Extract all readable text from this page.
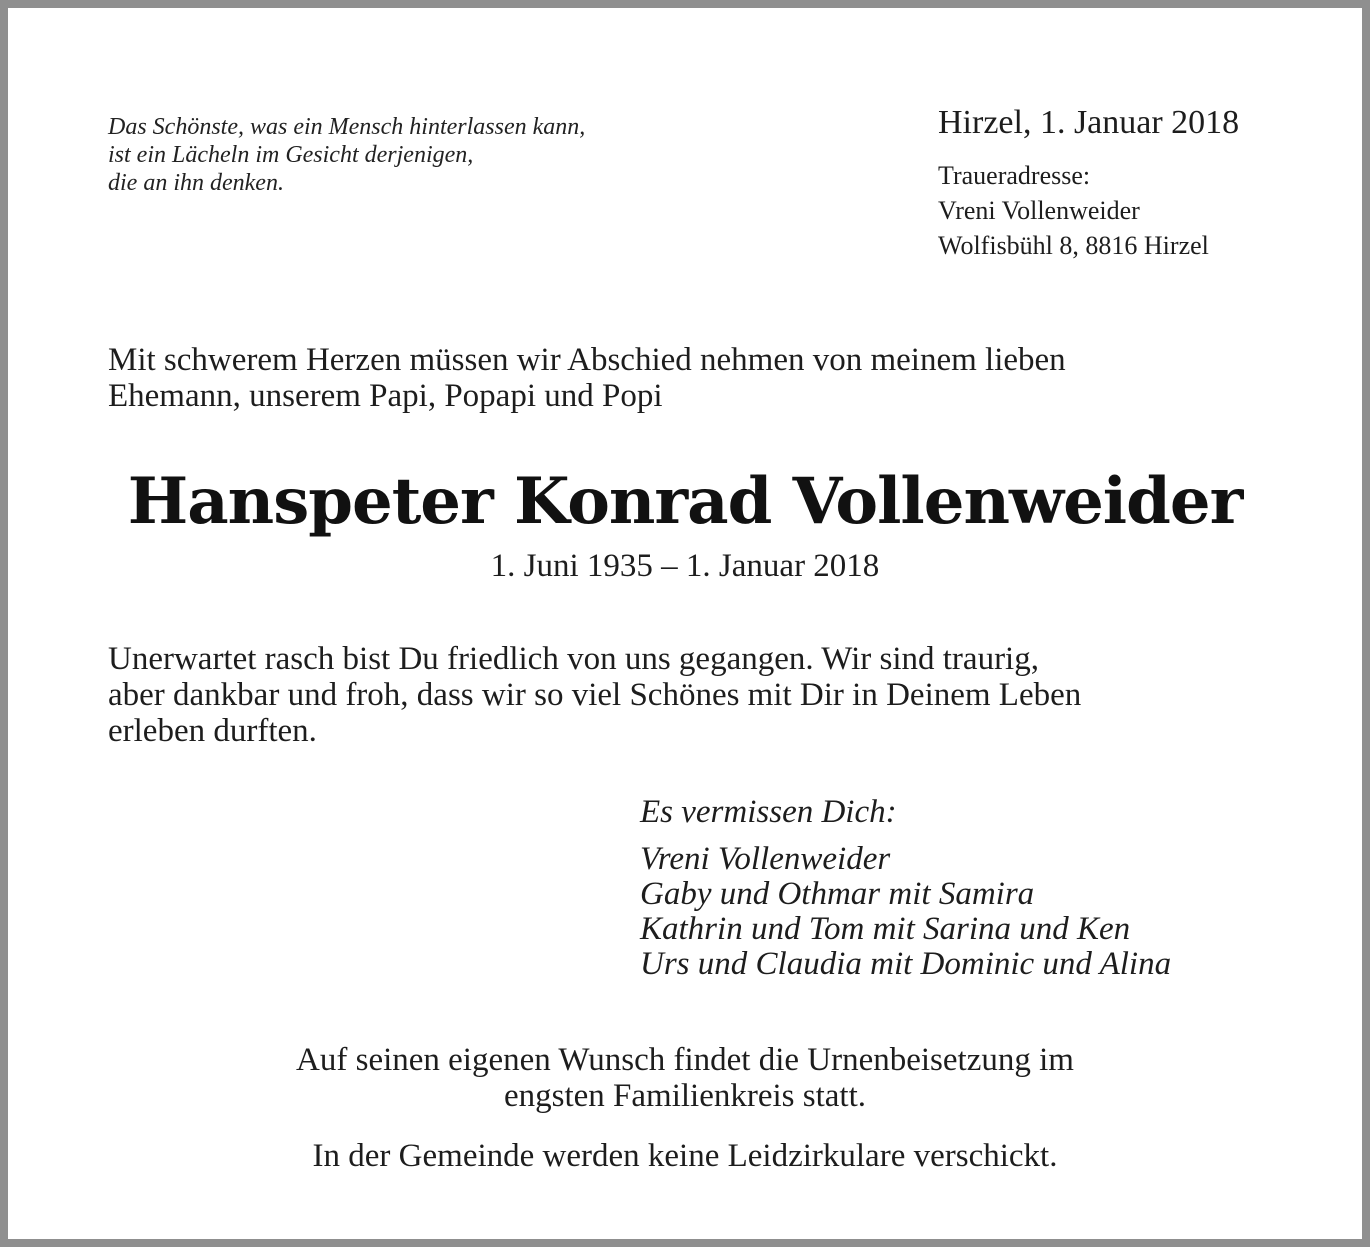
Das Schönste, was ein Mensch hinterlassen kann,
ist ein Lächeln im Gesicht derjenigen,
die an ihn denken.

Hirzel, 1. Januar 2018

Traueradresse:
Vreni Vollenweider
Wolfisbühl 8, 8816 Hirzel

Mit schwerem Herzen müssen wir Abschied nehmen von meinem lieben
Ehemann, unserem Papi, Popapi und Popi

Hanspeter Konrad Vollenweider

1. Juni 1935 – 1. Januar 2018

Unerwartet rasch bist Du friedlich von uns gegangen. Wir sind traurig,
aber dankbar und froh, dass wir so viel Schönes mit Dir in Deinem Leben
erleben durften.

Es vermissen Dich:
Vreni Vollenweider
Gaby und Othmar mit Samira
Kathrin und Tom mit Sarina und Ken
Urs und Claudia mit Dominic und Alina

Auf seinen eigenen Wunsch findet die Urnenbeisetzung im
engsten Familienkreis statt.

In der Gemeinde werden keine Leidzirkulare verschickt.
